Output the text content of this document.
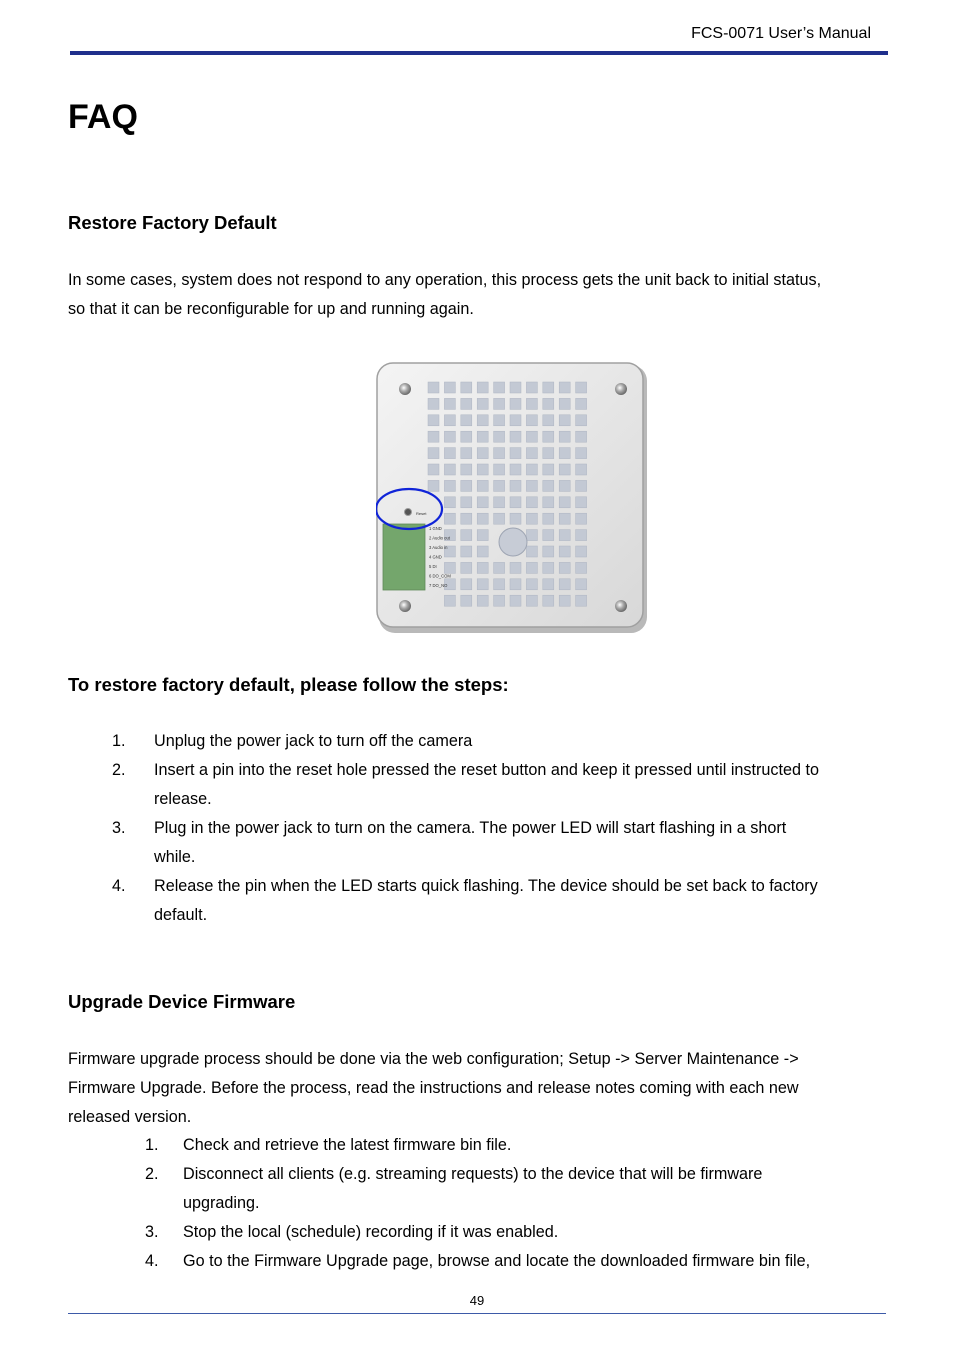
FCS-0071 User’s Manual
FAQ
Restore Factory Default
In some cases, system does not respond to any operation, this process gets the unit back to initial status,
so that it can be reconfigurable for up and running again.
Reset
1 GND
2 Audio out
3 Audio in
4 GND
5 DI
6 DO_COM
7 DO_NO
To restore factory default, please follow the steps:
1. Unplug the power jack to turn off the camera
2. Insert a pin into the reset hole pressed the reset button and keep it pressed until instructed to
release.
3. Plug in the power jack to turn on the camera. The power LED will start flashing in a short
while.
4. Release the pin when the LED starts quick flashing. The device should be set back to factory
default.
Upgrade Device Firmware
Firmware upgrade process should be done via the web configuration; Setup -> Server Maintenance ->
Firmware Upgrade. Before the process, read the instructions and release notes coming with each new
released version.
1. Check and retrieve the latest firmware bin file.
2. Disconnect all clients (e.g. streaming requests) to the device that will be firmware
upgrading.
3. Stop the local (schedule) recording if it was enabled.
4. Go to the Firmware Upgrade page, browse and locate the downloaded firmware bin file,
49
